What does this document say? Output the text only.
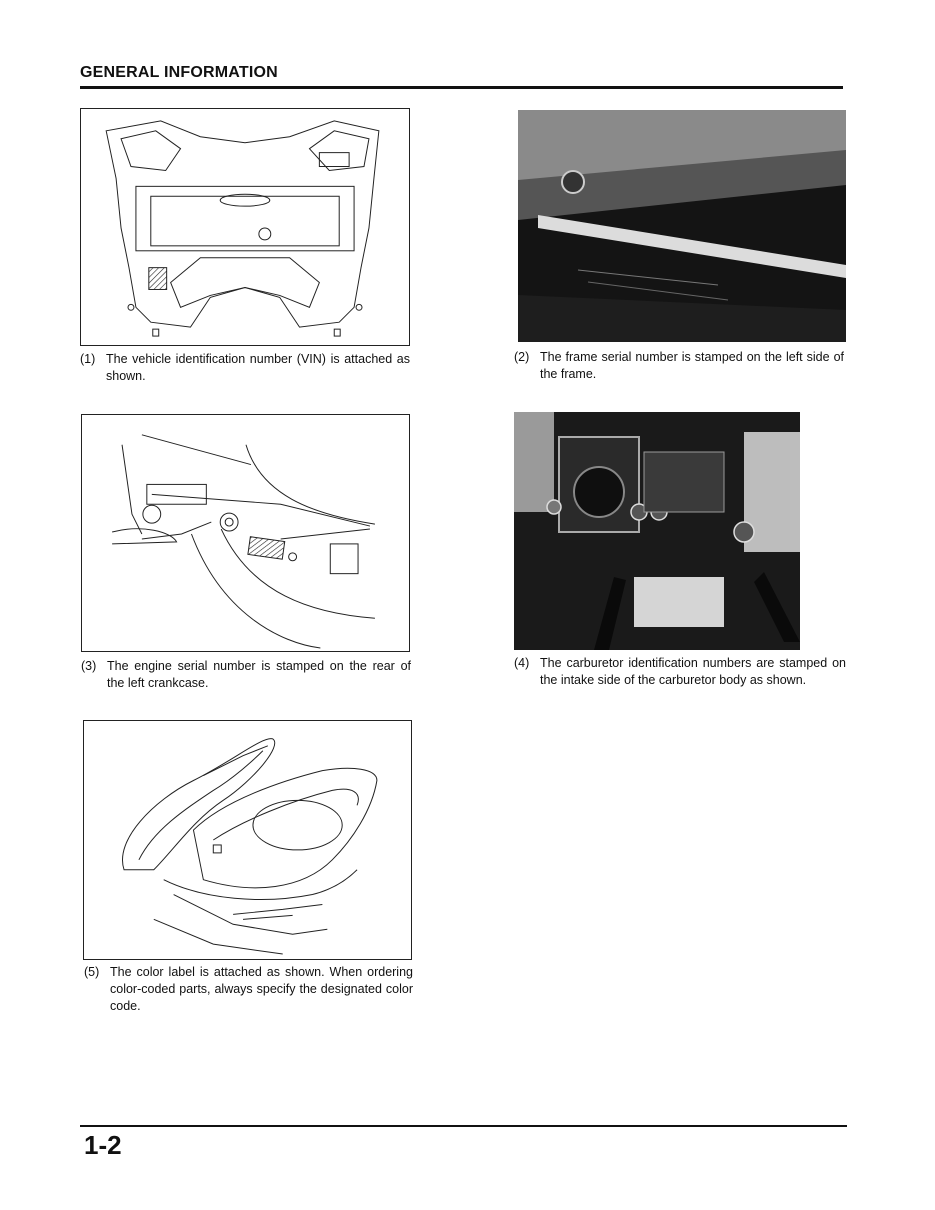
GENERAL INFORMATION
(1) The vehicle identification number (VIN) is attached as shown.
(2) The frame serial number is stamped on the left side of the frame.
(3) The engine serial number is stamped on the rear of the left crankcase.
(4) The carburetor identification numbers are stamped on the intake side of the carburetor body as shown.
(5) The color label is attached as shown. When ordering color-coded parts, always specify the designated color code.
1-2
